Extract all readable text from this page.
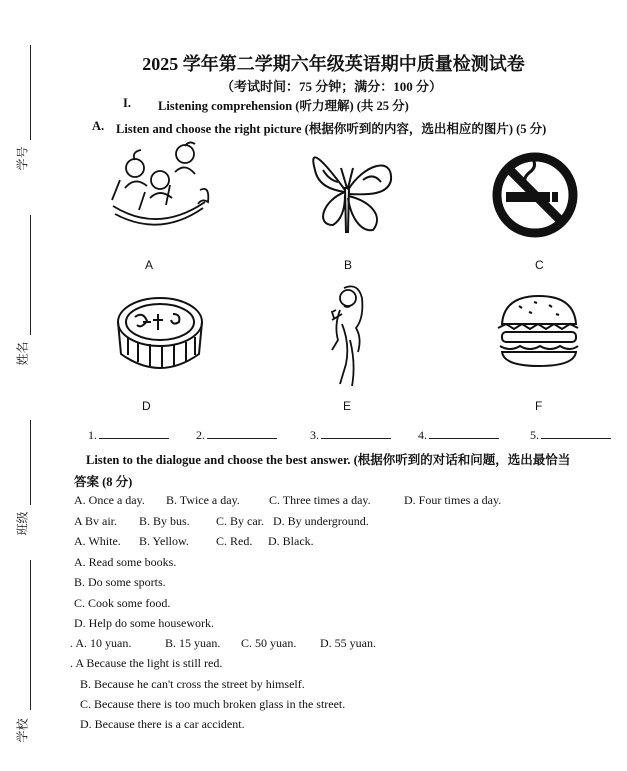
学号
姓名
班级
学校
2025 学年第二学期六年级英语期中质量检测试卷
（考试时间：75 分钟；满分：100 分）
I. Listening comprehension (听力理解) (共 25 分)
A. Listen and choose the right picture (根据你听到的内容，选出相应的图片) (5 分)
A	B	C
D	E	F
1.	2.	3.	4.	5.
Listen to the dialogue and choose the best answer. (根据你听到的对话和问题，选出最恰当
答案 (8 分)
A. Once a day. B. Twice a day. C. Three times a day.	D. Four times a day.
A Bv air. B. By bus. C. By car. D. By underground.
A. White. B. Yellow. C. Red. D. Black.
A. Read some books.
B. Do some sports.
C. Cook some food.
D. Help do some housework.
. A. 10 yuan.	B. 15 yuan. C. 50 yuan. D. 55 yuan.
. A Because the light is still red.
B. Because he can't cross the street by himself.
C. Because there is too much broken glass in the street.
D. Because there is a car accident.
